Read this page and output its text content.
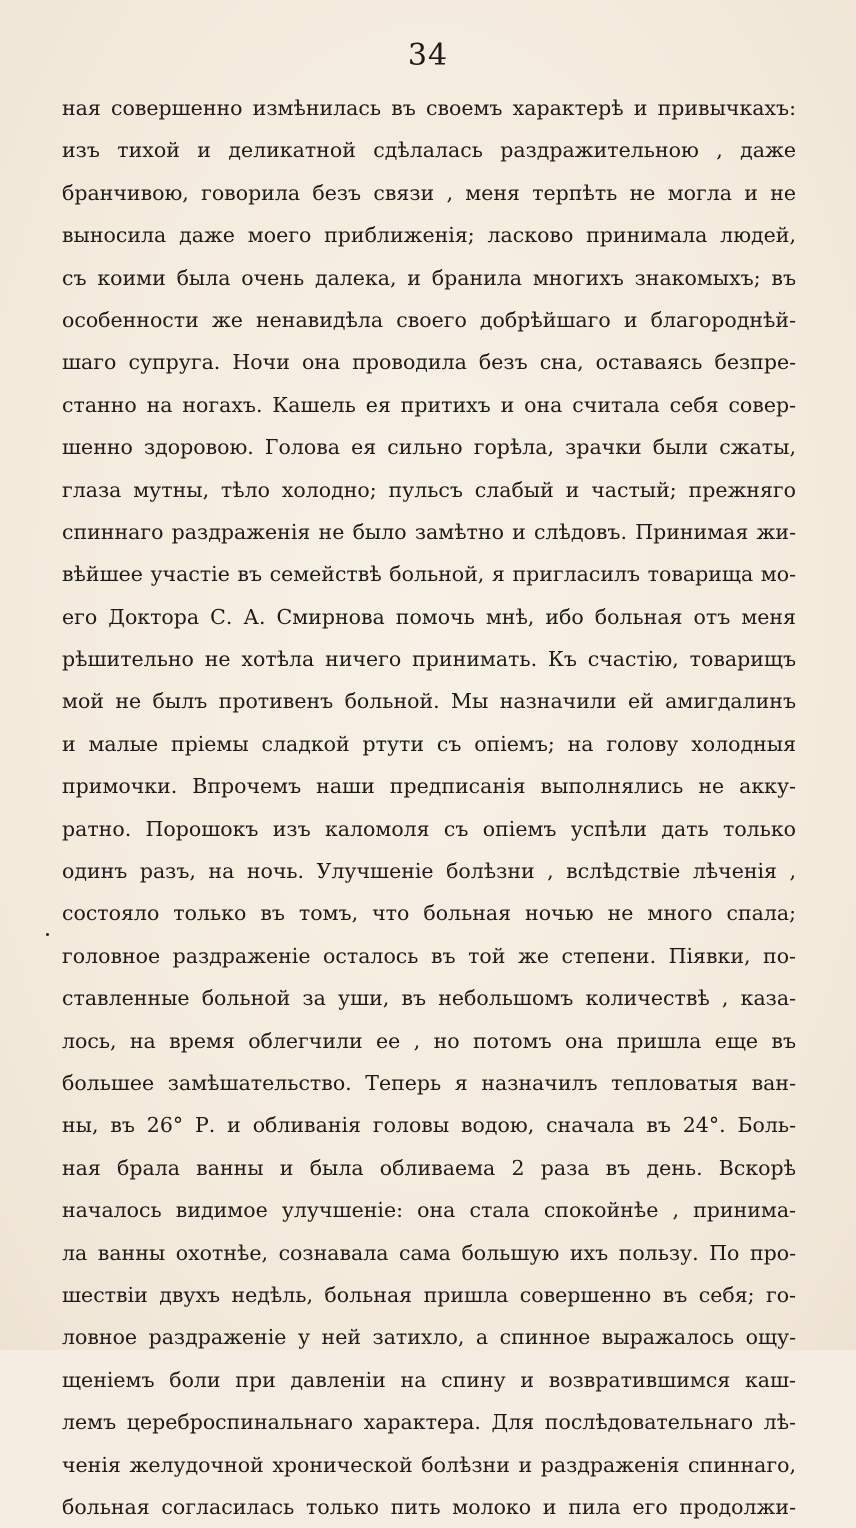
34
ная совершенно измѣнилась въ своемъ характерѣ и привычкахъ:
изъ тихой и деликатной сдѣлалась раздражительною , даже
бранчивою, говорила безъ связи , меня терпѣть не могла и не
выносила даже моего приближенія; ласково принимала людей,
съ коими была очень далека, и бранила многихъ знакомыхъ; въ
особенности же ненавидѣла своего добрѣйшаго и благороднѣй-
шаго супруга. Ночи она проводила безъ сна, оставаясь безпре-
станно на ногахъ. Кашель ея притихъ и она считала себя совер-
шенно здоровою. Голова ея сильно горѣла, зрачки были сжаты,
глаза мутны, тѣло холодно; пульсъ слабый и частый; прежняго
спиннаго раздраженія не было замѣтно и слѣдовъ. Принимая жи-
вѣйшее участіе въ семействѣ больной, я пригласилъ товарища мо-
его Доктора С. А. Смирнова помочь мнѣ, ибо больная отъ меня
рѣшительно не хотѣла ничего принимать. Къ счастію, товарищъ
мой не былъ противенъ больной. Мы назначили ей амигдалинъ
и малые пріемы сладкой ртути съ опіемъ; на голову холодныя
примочки. Впрочемъ наши предписанія выполнялись не акку-
ратно. Порошокъ изъ каломоля съ опіемъ успѣли дать только
одинъ разъ, на ночь. Улучшеніе болѣзни , вслѣдствіе лѣченія ,
состояло только въ томъ, что больная ночью не много спала;
головное раздраженіе осталось въ той же степени. Піявки, по-
ставленные больной за уши, въ небольшомъ количествѣ , каза-
лось, на время облегчили ее , но потомъ она пришла еще въ
большее замѣшательство. Теперь я назначилъ тепловатыя ван-
ны, въ 26° Р. и обливанія головы водою, сначала въ 24°. Боль-
ная брала ванны и была обливаема 2 раза въ день. Вскорѣ
началось видимое улучшеніе: она стала спокойнѣе , принима-
ла ванны охотнѣе, сознавала сама большую ихъ пользу. По про-
шествіи двухъ недѣль, больная пришла совершенно въ себя; го-
ловное раздраженіе у ней затихло, а спинное выражалось ощу-
щеніемъ боли при давленіи на спину и возвратившимся каш-
лемъ цереброспинальнаго характера. Для послѣдовательнаго лѣ-
ченія желудочной хронической болѣзни и раздраженія спиннаго,
больная согласилась только пить молоко и пила его продолжи-
